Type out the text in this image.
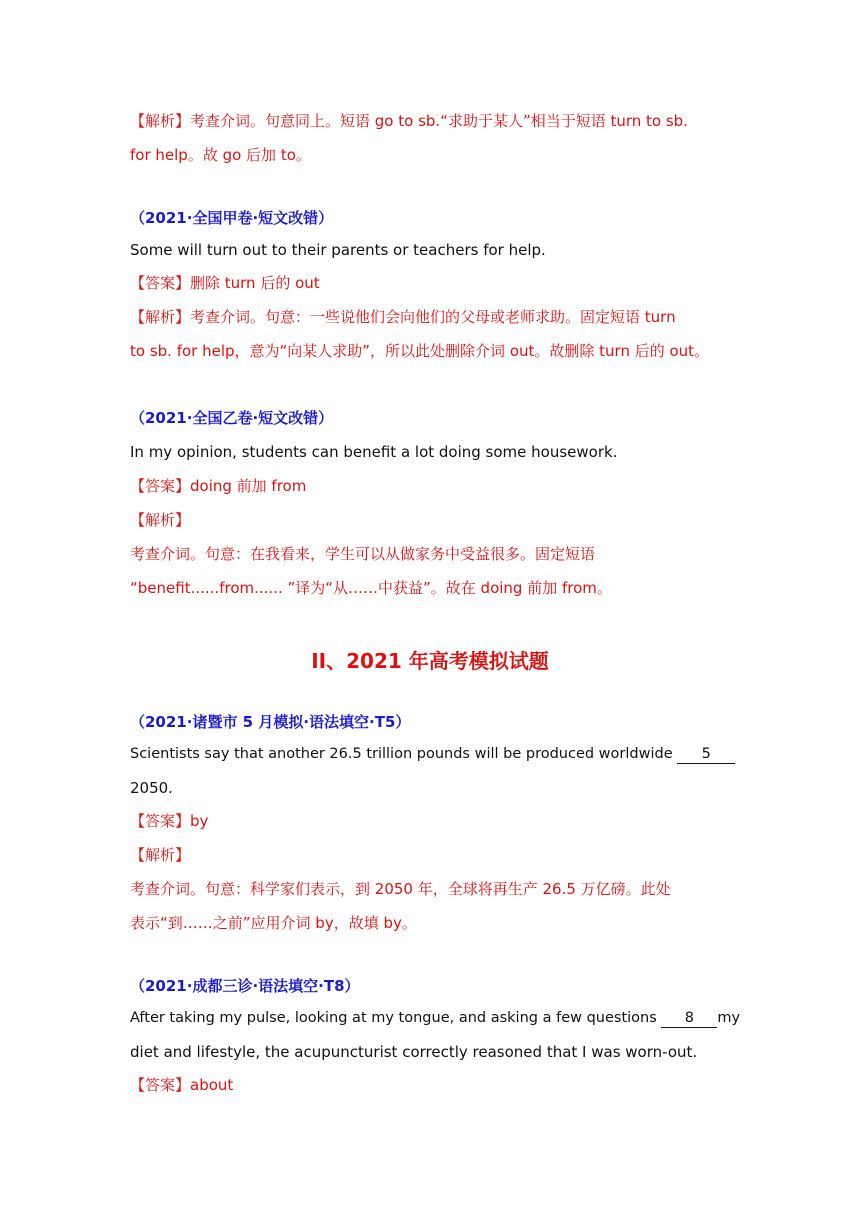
【解析】考查介词。句意同上。短语 go to sb.“求助于某人”相当于短语 turn to sb.
for help。故 go 后加 to。
（2021·全国甲卷·短文改错）
Some will turn out to their parents or teachers for help.
【答案】删除 turn 后的 out
【解析】考查介词。句意：一些说他们会向他们的父母或老师求助。固定短语 turn
to sb. for help，意为“向某人求助”，所以此处删除介词 out。故删除 turn 后的 out。
（2021·全国乙卷·短文改错）
In my opinion, students can benefit a lot doing some housework.
【答案】doing 前加 from
【解析】
考查介词。句意：在我看来，学生可以从做家务中受益很多。固定短语
“benefit......from...... ”译为“从……中获益”。故在 doing 前加 from。
II、2021 年高考模拟试题
（2021·诸暨市 5 月模拟·语法填空·T5）
Scientists say that another 26.5 trillion pounds will be produced worldwide 5
2050.
【答案】by
【解析】
考查介词。句意：科学家们表示，到 2050 年，全球将再生产 26.5 万亿磅。此处
表示“到……之前”应用介词 by，故填 by。
（2021·成都三诊·语法填空·T8）
After taking my pulse, looking at my tongue, and asking a few questions 8 my
diet and lifestyle, the acupuncturist correctly reasoned that I was worn-out.
【答案】about
